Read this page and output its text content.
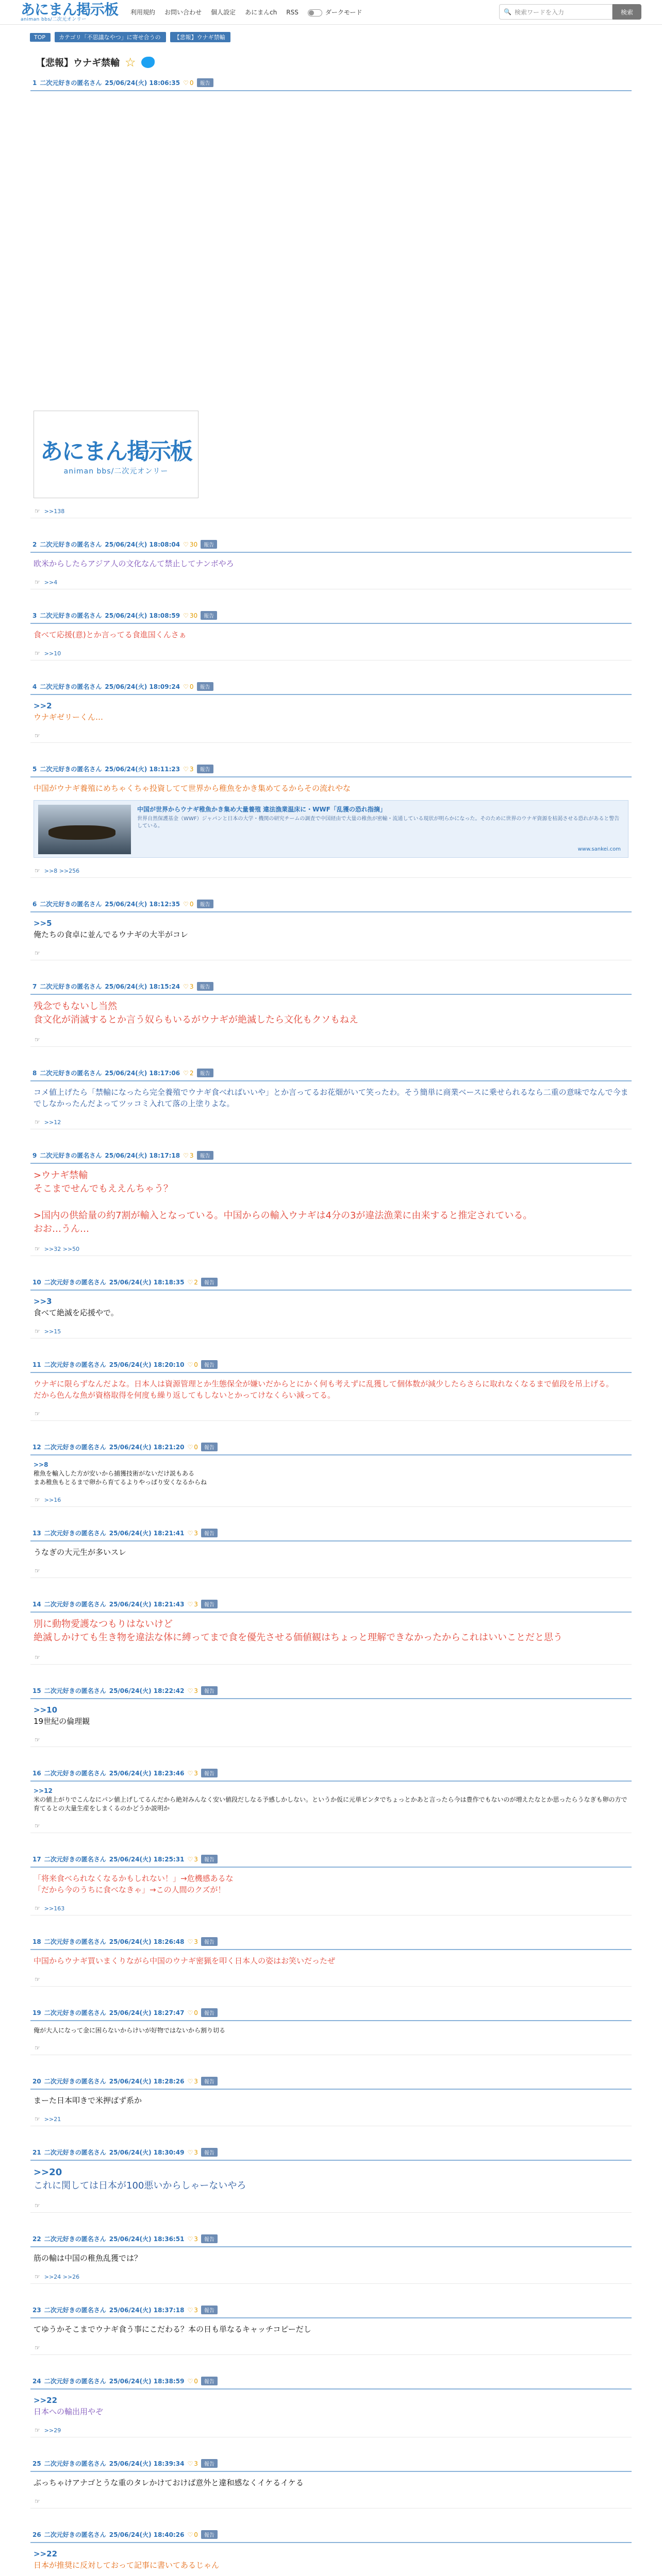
あにまん掲示板
animan bbs/二次元オンリー
利用規約 お問い合わせ 個人設定 あにまんch RSS	ダークモード	🔍 検索ワードを入力	検索
TOP	カテゴリ「不思議なやつ」に寄せ合うの	【悲報】ウナギ禁輸
【悲報】ウナギ禁輸 ☆
1 二次元好きの匿名さん 25/06/24(火) 18:06:35 ♡ 0	報告
あにまん掲示板
animan bbs/二次元オンリー
☞ >>138
2 二次元好きの匿名さん 25/06/24(火) 18:08:04 ♡ 30	報告
欧米からしたらアジア人の文化なんて禁止してナンボやろ
☞ >>4
3 二次元好きの匿名さん 25/06/24(火) 18:08:59 ♡ 30	報告
食べて応援(意)とか言ってる食進国くんさぁ
☞ >>10
4 二次元好きの匿名さん 25/06/24(火) 18:09:24 ♡ 0	報告
>>2
ウナギゼリーくん…
☞
5 二次元好きの匿名さん 25/06/24(火) 18:11:23 ♡ 3	報告
中国がウナギ養殖にめちゃくちゃ投資してて世界から稚魚をかき集めてるからその流れやな
中国が世界からウナギ稚魚かき集め大量養殖 違法漁業温床に・WWF「乱獲の恐れ指摘」
世界自然保護基金（WWF）ジャパンと日本の大学・機関の研究チームの調査で中国経由で大量の稚魚が密輸・流通している現状が明らかになった。そのために世界のウナギ資源を枯渇させる恐れがあると警告している。
www.sankei.com
☞ >>8 >>256
6 二次元好きの匿名さん 25/06/24(火) 18:12:35 ♡ 0	報告
>>5
俺たちの食卓に並んでるウナギの大半がコレ
☞
7 二次元好きの匿名さん 25/06/24(火) 18:15:24 ♡ 3	報告
残念でもないし当然
食文化が消滅するとか言う奴らもいるがウナギが絶滅したら文化もクソもねえ
☞
8 二次元好きの匿名さん 25/06/24(火) 18:17:06 ♡ 2	報告
コメ値上げたら「禁輸になったら完全養殖でウナギ食べればいいや」とか言ってるお花畑がいて笑ったわ。そう簡単に商業ベースに乗せられるなら二重の意味でなんで今までしなかったんだよってツッコミ入れて落の上塗りよな。
☞ >>12
9 二次元好きの匿名さん 25/06/24(火) 18:17:18 ♡ 3	報告
>ウナギ禁輸
そこまでせんでもええんちゃう？

>国内の供給量の約7割が輸入となっている。中国からの輸入ウナギは4分の3が違法漁業に由来すると推定されている。
おお…うん…
☞ >>32 >>50
10 二次元好きの匿名さん 25/06/24(火) 18:18:35 ♡ 2	報告
>>3
食べて絶滅を応援やで。
☞ >>15
11 二次元好きの匿名さん 25/06/24(火) 18:20:10 ♡ 0	報告
ウナギに限らずなんだよな。日本人は資源管理とか生態保全が嫌いだからとにかく何も考えずに乱獲して個体数が減少したらさらに取れなくなるまで値段を吊上げる。
だから色んな魚が資格取得を何度も繰り返してもしないとかってけなくらい減ってる。
☞
12 二次元好きの匿名さん 25/06/24(火) 18:21:20 ♡ 0	報告
>>8
稚魚を輸入した方が安いから捕獲技術がないだけ説もある
まあ稚魚もとるまで卵から育てるよりやっぱり安くなるからね
☞ >>16
13 二次元好きの匿名さん 25/06/24(火) 18:21:41 ♡ 3	報告
うなぎの大元生が多いスレ
☞
14 二次元好きの匿名さん 25/06/24(火) 18:21:43 ♡ 3	報告
別に動物愛護なつもりはないけど
絶滅しかけても生き物を違法な体に縛ってまで食を優先させる価値観はちょっと理解できなかったからこれはいいことだと思う
☞
15 二次元好きの匿名さん 25/06/24(火) 18:22:42 ♡ 3	報告
>>10
19世紀の倫理観
☞
16 二次元好きの匿名さん 25/06/24(火) 18:23:46 ♡ 3	報告
>>12
米の値上がりでこんなにパン値上げしてるんだから絶対みんなく安い値段だしなる予感しかしない。というか仮に元単ビンタでちょっとかあと言ったら今は豊作でもないのが増えたなとか思ったらうなぎも卵の方で育てるとの大量生産をしまくるのかどうか説明か
☞
17 二次元好きの匿名さん 25/06/24(火) 18:25:31 ♡ 3	報告
「将来食べられなくなるかもしれない！」→危機感あるな
「だから今のうちに食べなきゃ」→この人間のクズが！
☞ >>163
18 二次元好きの匿名さん 25/06/24(火) 18:26:48 ♡ 3	報告
中国からウナギ買いまくりながら中国のウナギ密猟を叩く日本人の姿はお笑いだったぜ
☞
19 二次元好きの匿名さん 25/06/24(火) 18:27:47 ♡ 0	報告
俺が大人になって金に困らないからけいが好物ではないから割り切る
☞
20 二次元好きの匿名さん 25/06/24(火) 18:28:26 ♡ 3	報告
まーた日本叩きで米押ばず系か
☞ >>21
21 二次元好きの匿名さん 25/06/24(火) 18:30:49 ♡ 3	報告
>>20
これに関しては日本が100悪いからしゃーないやろ
☞
22 二次元好きの匿名さん 25/06/24(火) 18:36:51 ♡ 3	報告
筋の輸は中国の稚魚乱獲では？
☞ >>24 >>26
23 二次元好きの匿名さん 25/06/24(火) 18:37:18 ♡ 3	報告
てゆうかそこまでウナギ食う事にこだわる？本の日も単なるキャッチコピーだし
☞
24 二次元好きの匿名さん 25/06/24(火) 18:38:59 ♡ 0	報告
>>22
日本への輸出用やぞ
☞ >>29
25 二次元好きの匿名さん 25/06/24(火) 18:39:34 ♡ 3	報告
ぶっちゃけアナゴとうな重のタレかけておけば意外と違和感なくイケるイケる
☞
26 二次元好きの匿名さん 25/06/24(火) 18:40:26 ♡ 0	報告
>>22
日本が推奨に反対しておって記事に書いてあるじゃん
